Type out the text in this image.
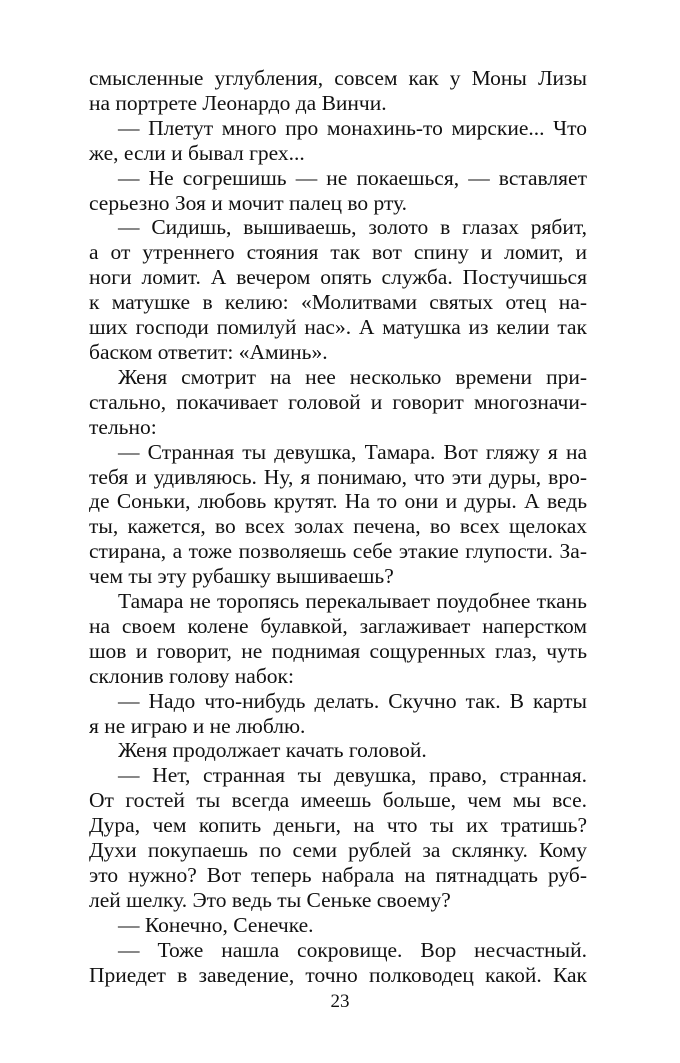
смысленные углубления, совсем как у Моны Лизы
на портрете Леонардо да Винчи.
— Плетут много про монахинь-то мирские... Что
же, если и бывал грех...
— Не согрешишь — не покаешься, — вставляет
серьезно Зоя и мочит палец во рту.
— Сидишь, вышиваешь, золото в глазах рябит,
а от утреннего стояния так вот спину и ломит, и
ноги ломит. А вечером опять служба. Постучишься
к матушке в келию: «Молитвами святых отец на-
ших господи помилуй нас». А матушка из келии так
баском ответит: «Аминь».
Женя смотрит на нее несколько времени при-
стально, покачивает головой и говорит многозначи-
тельно:
— Странная ты девушка, Тамара. Вот гляжу я на
тебя и удивляюсь. Ну, я понимаю, что эти дуры, вро-
де Соньки, любовь крутят. На то они и дуры. А ведь
ты, кажется, во всех золах печена, во всех щелоках
стирана, а тоже позволяешь себе этакие глупости. За-
чем ты эту рубашку вышиваешь?
Тамара не торопясь перекалывает поудобнее ткань
на своем колене булавкой, заглаживает наперстком
шов и говорит, не поднимая сощуренных глаз, чуть
склонив голову набок:
— Надо что-нибудь делать. Скучно так. В карты
я не играю и не люблю.
Женя продолжает качать головой.
— Нет, странная ты девушка, право, странная.
От гостей ты всегда имеешь больше, чем мы все.
Дура, чем копить деньги, на что ты их тратишь?
Духи покупаешь по семи рублей за склянку. Кому
это нужно? Вот теперь набрала на пятнадцать руб-
лей шелку. Это ведь ты Сеньке своему?
— Конечно, Сенечке.
— Тоже нашла сокровище. Вор несчастный.
Приедет в заведение, точно полководец какой. Как
23
